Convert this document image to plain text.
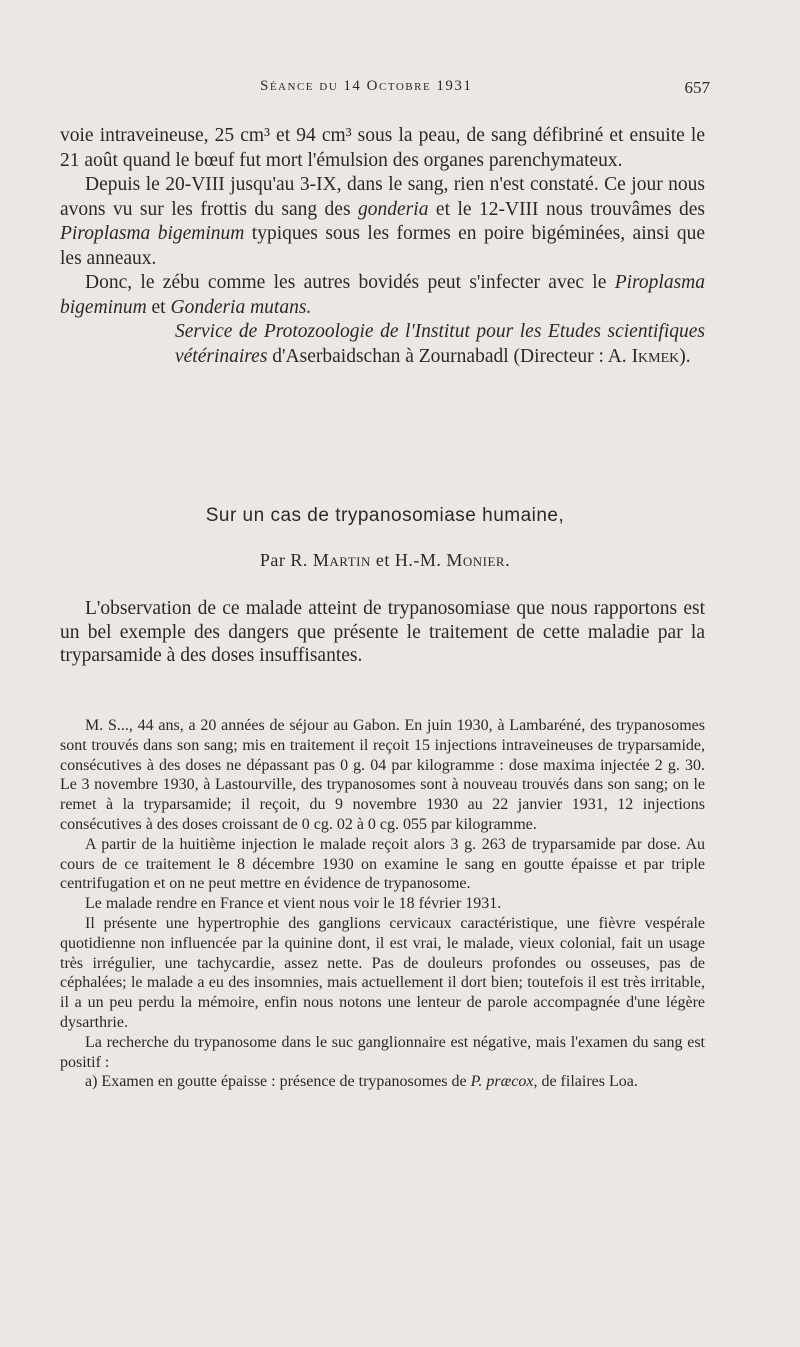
Séance du 14 Octobre 1931	657

voie intraveineuse, 25 cm³ et 94 cm³ sous la peau, de sang défibriné et ensuite le 21 août quand le bœuf fut mort l'émulsion des organes parenchymateux.

Depuis le 20-VIII jusqu'au 3-IX, dans le sang, rien n'est constaté. Ce jour nous avons vu sur les frottis du sang des gonderia et le 12-VIII nous trouvâmes des Piroplasma bigeminum typiques sous les formes en poire bigéminées, ainsi que les anneaux.

Donc, le zébu comme les autres bovidés peut s'infecter avec le Piroplasma bigeminum et Gonderia mutans.

Service de Protozoologie de l'Institut pour les Etudes scientifiques vétérinaires d'Aserbaidschan à Zournabadl (Directeur : A. Ikmek).

Sur un cas de trypanosomiase humaine,
Par R. Martin et H.-M. Monier.

L'observation de ce malade atteint de trypanosomiase que nous rapportons est un bel exemple des dangers que présente le traitement de cette maladie par la tryparsamide à des doses insuffisantes.

M. S..., 44 ans, a 20 années de séjour au Gabon. En juin 1930, à Lambaréné, des trypanosomes sont trouvés dans son sang; mis en traitement il reçoit 15 injections intraveineuses de tryparsamide, consécutives à des doses ne dépassant pas 0 g. 04 par kilogramme : dose maxima injectée 2 g. 30. Le 3 novembre 1930, à Lastourville, des trypanosomes sont à nouveau trouvés dans son sang; on le remet à la tryparsamide; il reçoit, du 9 novembre 1930 au 22 janvier 1931, 12 injections consécutives à des doses croissant de 0 cg. 02 à 0 cg. 055 par kilogramme.

A partir de la huitième injection le malade reçoit alors 3 g. 263 de tryparsamide par dose. Au cours de ce traitement le 8 décembre 1930 on examine le sang en goutte épaisse et par triple centrifugation et on ne peut mettre en évidence de trypanosome.

Le malade rendre en France et vient nous voir le 18 février 1931.

Il présente une hypertrophie des ganglions cervicaux caractéristique, une fièvre vespérale quotidienne non influencée par la quinine dont, il est vrai, le malade, vieux colonial, fait un usage très irrégulier, une tachycardie, assez nette. Pas de douleurs profondes ou osseuses, pas de céphalées; le malade a eu des insomnies, mais actuellement il dort bien; toutefois il est très irritable, il a un peu perdu la mémoire, enfin nous notons une lenteur de parole accompagnée d'une légère dysarthrie.

La recherche du trypanosome dans le suc ganglionnaire est négative, mais l'examen du sang est positif :

a) Examen en goutte épaisse : présence de trypanosomes de P. præcox, de filaires Loa.
